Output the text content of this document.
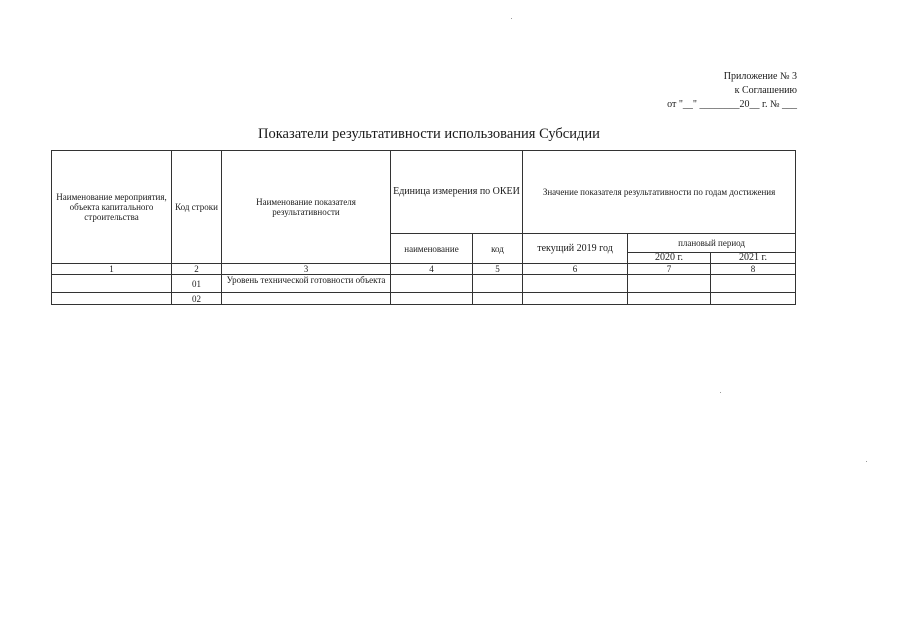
Приложение № 3
к Соглашению
от "__" ________20__ г. № ___
Показатели результативности использования Субсидии
Наименование мероприятия, объекта капитального строительства	Код строки	Наименование показателя результативности	Единица измерения по ОКЕИ		Значение показателя результативности по годам достижения		
			наименование	код	текущий 2019 год	плановый период	
						2020 г.	2021 г.
1	2	3	4	5	6	7	8
	01	Уровень технической готовности объекта					
	02						
